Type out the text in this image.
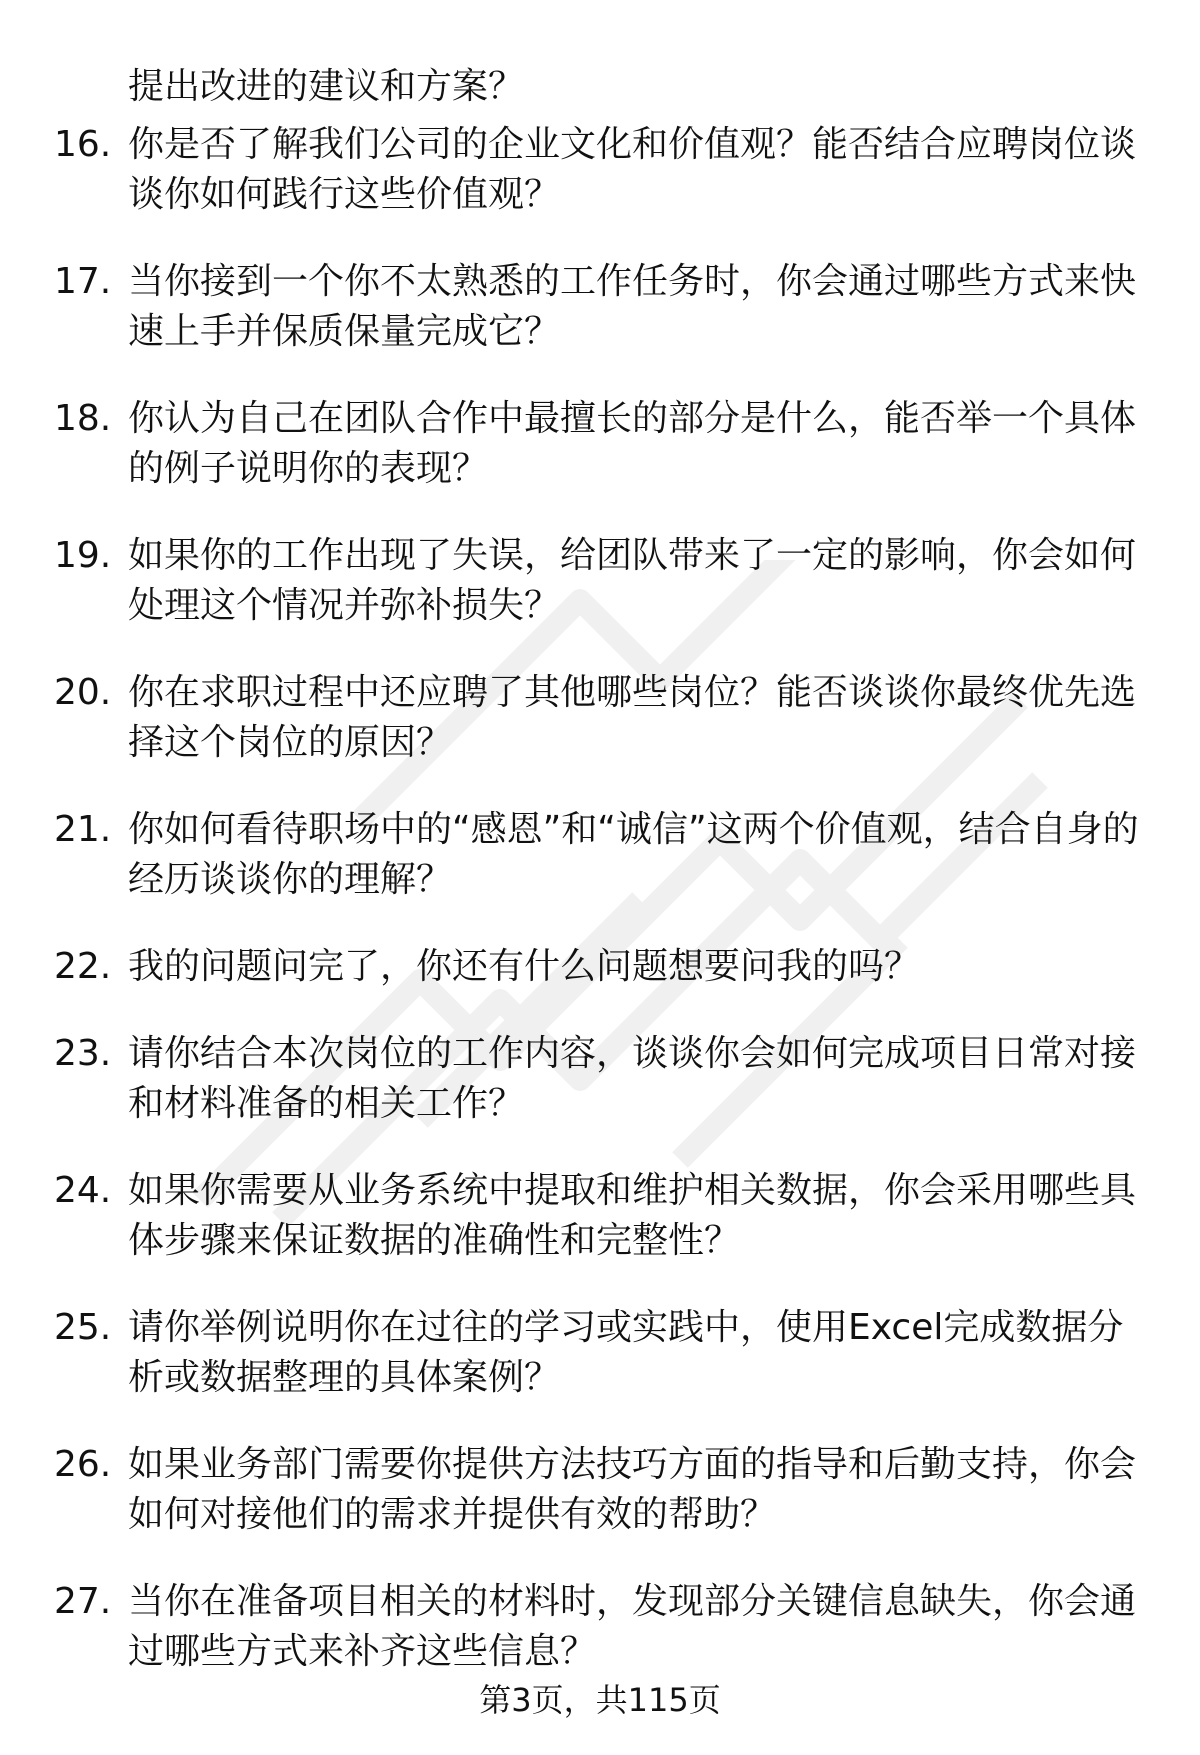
提出改进的建议和方案？
16. 你是否了解我们公司的企业文化和价值观？能否结合应聘岗位谈谈你如何践行这些价值观？
17. 当你接到一个你不太熟悉的工作任务时，你会通过哪些方式来快速上手并保质保量完成它？
18. 你认为自己在团队合作中最擅长的部分是什么，能否举一个具体的例子说明你的表现？
19. 如果你的工作出现了失误，给团队带来了一定的影响，你会如何处理这个情况并弥补损失？
20. 你在求职过程中还应聘了其他哪些岗位？能否谈谈你最终优先选择这个岗位的原因？
21. 你如何看待职场中的“感恩”和“诚信”这两个价值观，结合自身的经历谈谈你的理解？
22. 我的问题问完了，你还有什么问题想要问我的吗？
23. 请你结合本次岗位的工作内容，谈谈你会如何完成项目日常对接和材料准备的相关工作？
24. 如果你需要从业务系统中提取和维护相关数据，你会采用哪些具体步骤来保证数据的准确性和完整性？
25. 请你举例说明你在过往的学习或实践中，使用Excel完成数据分析或数据整理的具体案例？
26. 如果业务部门需要你提供方法技巧方面的指导和后勤支持，你会如何对接他们的需求并提供有效的帮助？
27. 当你在准备项目相关的材料时，发现部分关键信息缺失，你会通过哪些方式来补齐这些信息？
第3页，共115页
